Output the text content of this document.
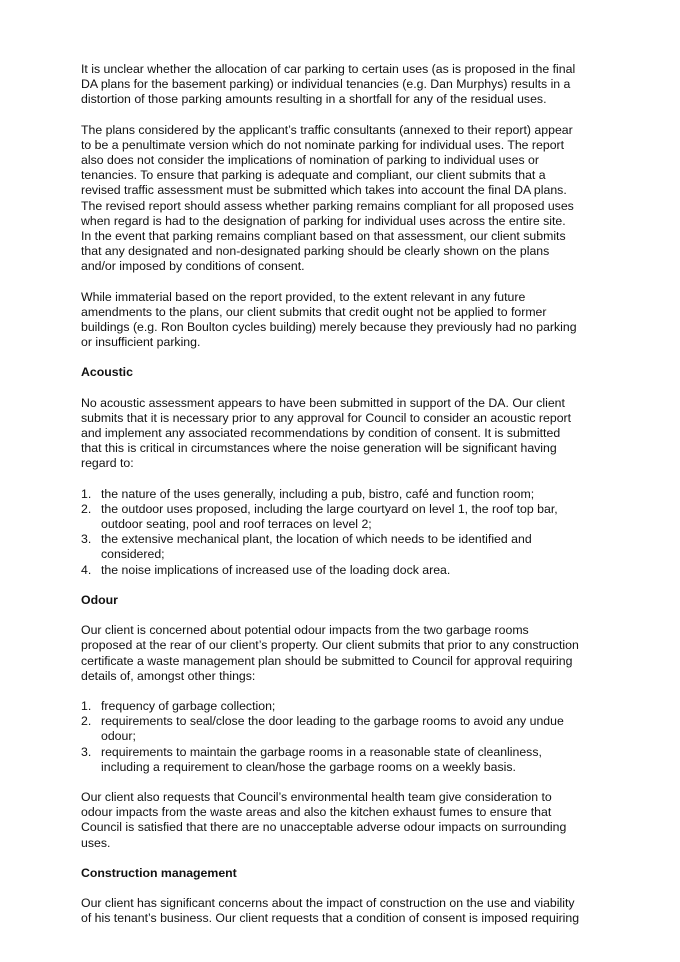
It is unclear whether the allocation of car parking to certain uses (as is proposed in the final DA plans for the basement parking) or individual tenancies (e.g. Dan Murphys) results in a distortion of those parking amounts resulting in a shortfall for any of the residual uses.

The plans considered by the applicant’s traffic consultants (annexed to their report) appear to be a penultimate version which do not nominate parking for individual uses. The report also does not consider the implications of nomination of parking to individual uses or tenancies. To ensure that parking is adequate and compliant, our client submits that a revised traffic assessment must be submitted which takes into account the final DA plans. The revised report should assess whether parking remains compliant for all proposed uses when regard is had to the designation of parking for individual uses across the entire site.

In the event that parking remains compliant based on that assessment, our client submits that any designated and non-designated parking should be clearly shown on the plans and/or imposed by conditions of consent.

While immaterial based on the report provided, to the extent relevant in any future amendments to the plans, our client submits that credit ought not be applied to former buildings (e.g. Ron Boulton cycles building) merely because they previously had no parking or insufficient parking.

Acoustic

No acoustic assessment appears to have been submitted in support of the DA. Our client submits that it is necessary prior to any approval for Council to consider an acoustic report and implement any associated recommendations by condition of consent. It is submitted that this is critical in circumstances where the noise generation will be significant having regard to:

1. the nature of the uses generally, including a pub, bistro, café and function room;
2. the outdoor uses proposed, including the large courtyard on level 1, the roof top bar, outdoor seating, pool and roof terraces on level 2;
3. the extensive mechanical plant, the location of which needs to be identified and considered;
4. the noise implications of increased use of the loading dock area.
Odour

Our client is concerned about potential odour impacts from the two garbage rooms proposed at the rear of our client’s property. Our client submits that prior to any construction certificate a waste management plan should be submitted to Council for approval requiring details of, amongst other things:

1. frequency of garbage collection;
2. requirements to seal/close the door leading to the garbage rooms to avoid any undue odour;
3. requirements to maintain the garbage rooms in a reasonable state of cleanliness, including a requirement to clean/hose the garbage rooms on a weekly basis.

Our client also requests that Council’s environmental health team give consideration to odour impacts from the waste areas and also the kitchen exhaust fumes to ensure that Council is satisfied that there are no unacceptable adverse odour impacts on surrounding uses.

Construction management

Our client has significant concerns about the impact of construction on the use and viability of his tenant’s business. Our client requests that a condition of consent is imposed requiring
